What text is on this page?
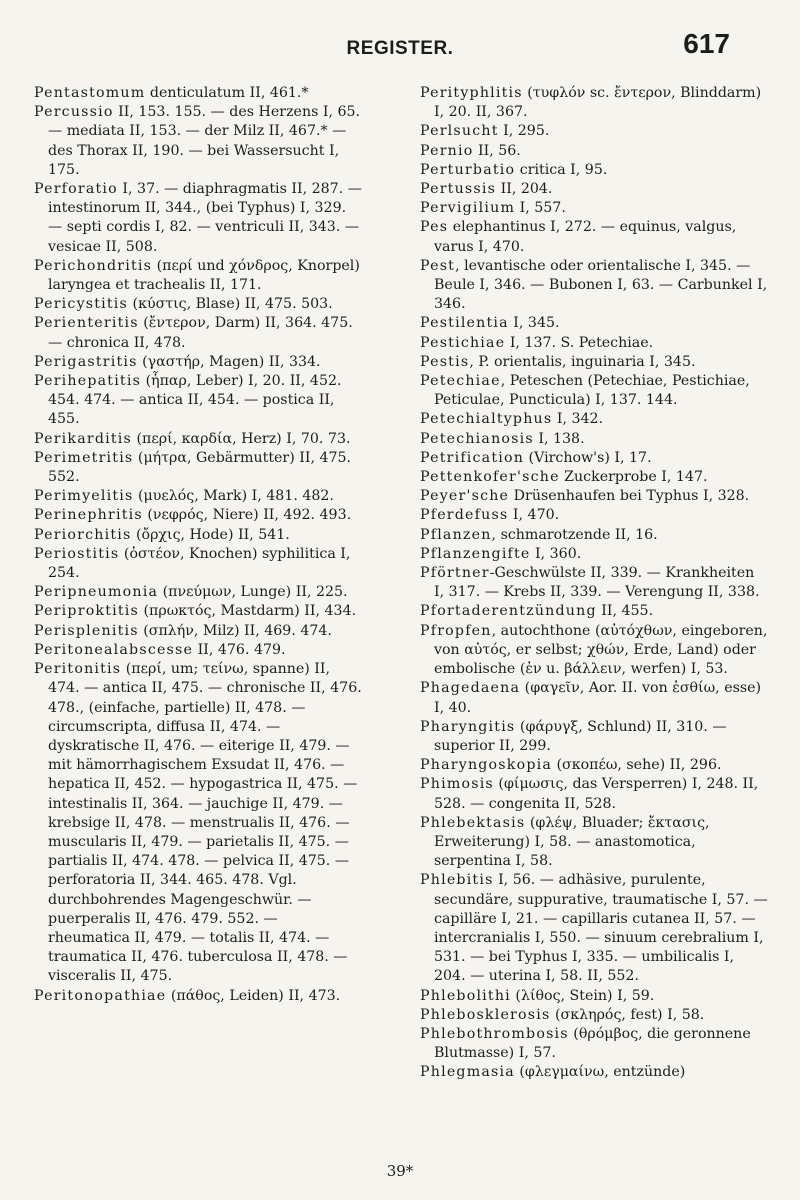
REGISTER.	617

Pentastomum denticulatum II, 461.*

Percussio II, 153. 155. — des Herzens I, 65. — mediata II, 153. — der Milz II, 467.* — des Thorax II, 190. — bei Wassersucht I, 175.

Perforatio I, 37. — diaphragmatis II, 287. — intestinorum II, 344., (bei Typhus) I, 329. — septi cordis I, 82. — ventriculi II, 343. — vesicae II, 508.

Perichondritis (περί und χόνδρος, Knorpel) laryngea et trachealis II, 171.

Pericystitis (κύστις, Blase) II, 475. 503.

Perienteritis (ἔντερον, Darm) II, 364. 475. — chronica II, 478.

Perigastritis (γαστήρ, Magen) II, 334.

Perihepatitis (ἧπαρ, Leber) I, 20. II, 452. 454. 474. — antica II, 454. — postica II, 455.

Perikarditis (περί, καρδία, Herz) I, 70. 73.

Perimetritis (μήτρα, Gebärmutter) II, 475. 552.

Perimyelitis (μυελός, Mark) I, 481. 482.

Perinephritis (νεφρός, Niere) II, 492. 493.

Periorchitis (ὄρχις, Hode) II, 541.

Periostitis (ὀστέον, Knochen) syphilitica I, 254.

Peripneumonia (πνεύμων, Lunge) II, 225.

Periproktitis (πρωκτός, Mastdarm) II, 434.

Perisplenitis (σπλήν, Milz) II, 469. 474.

Peritonealabscesse II, 476. 479.

Peritonitis (περί, um; τείνω, spanne) II, 474. — antica II, 475. — chronische II, 476. 478., (einfache, partielle) II, 478. — circumscripta, diffusa II, 474. — dyskratische II, 476. — eiterige II, 479. — mit hämorrhagischem Exsudat II, 476. — hepatica II, 452. — hypogastrica II, 475. — intestinalis II, 364. — jauchige II, 479. — krebsige II, 478. — menstrualis II, 476. — muscularis II, 479. — parietalis II, 475. — partialis II, 474. 478. — pelvica II, 475. — perforatoria II, 344. 465. 478. Vgl. durchbohrendes Magengeschwür. — puerperalis II, 476. 479. 552. — rheumatica II, 479. — totalis II, 474. — traumatica II, 476. tuberculosa II, 478. — visceralis II, 475.

Peritonopathiae (πάθος, Leiden) II, 473.

Perityphlitis (τυφλόν sc. ἔντερον, Blinddarm) I, 20. II, 367.

Perlsucht I, 295.

Pernio II, 56.

Perturbatio critica I, 95.

Pertussis II, 204.

Pervigilium I, 557.

Pes elephantinus I, 272. — equinus, valgus, varus I, 470.

Pest, levantische oder orientalische I, 345. — Beule I, 346. — Bubonen I, 63. — Carbunkel I, 346.

Pestilentia I, 345.

Pestichiae I, 137. S. Petechiae.

Pestis, P. orientalis, inguinaria I, 345.

Petechiae, Peteschen (Petechiae, Pestichiae, Peticulae, Puncticula) I, 137. 144.

Petechialtyphus I, 342.

Petechianosis I, 138.

Petrification (Virchow's) I, 17.

Pettenkofer'sche Zuckerprobe I, 147.

Peyer'sche Drüsenhaufen bei Typhus I, 328.

Pferdefuss I, 470.

Pflanzen, schmarotzende II, 16.

Pflanzengifte I, 360.

Pförtner-Geschwülste II, 339. — Krankheiten I, 317. — Krebs II, 339. — Verengung II, 338.

Pfortaderentzündung II, 455.

Pfropfen, autochthone (αὐτόχθων, eingeboren, von αὐτός, er selbst; χθών, Erde, Land) oder embolische (ἐν u. βάλλειν, werfen) I, 53.

Phagedaena (φαγεῖν, Aor. II. von ἐσθίω, esse) I, 40.

Pharyngitis (φάρυγξ, Schlund) II, 310. — superior II, 299.

Pharyngoskopia (σκοπέω, sehe) II, 296.

Phimosis (φίμωσις, das Versperren) I, 248. II, 528. — congenita II, 528.

Phlebektasis (φλέψ, Bluader; ἔκτασις, Erweiterung) I, 58. — anastomotica, serpentina I, 58.

Phlebitis I, 56. — adhäsive, purulente, secundäre, suppurative, traumatische I, 57. — capilläre I, 21. — capillaris cutanea II, 57. — intercranialis I, 550. — sinuum cerebralium I, 531. — bei Typhus I, 335. — umbilicalis I, 204. — uterina I, 58. II, 552.

Phlebolithi (λίθος, Stein) I, 59.

Phlebosklerosis (σκληρός, fest) I, 58.

Phlebothrombosis (θρόμβος, die geronnene Blutmasse) I, 57.

Phlegmasia (φλεγμαίνω, entzünde)

39*
